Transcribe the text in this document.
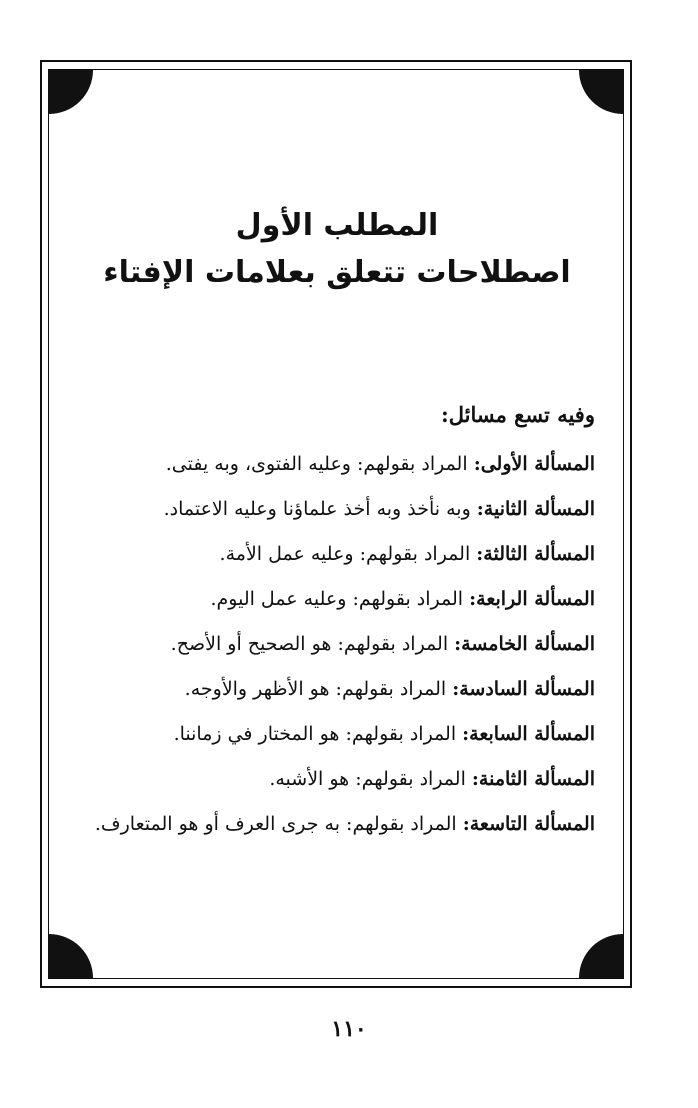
المطلب الأول
اصطلاحات تتعلق بعلامات الإفتاء
وفيه تسع مسائل:
المسألة الأولى: المراد بقولهم: وعليه الفتوى، وبه يفتى.
المسألة الثانية: وبه نأخذ وبه أخذ علماؤنا وعليه الاعتماد.
المسألة الثالثة: المراد بقولهم: وعليه عمل الأمة.
المسألة الرابعة: المراد بقولهم: وعليه عمل اليوم.
المسألة الخامسة: المراد بقولهم: هو الصحيح أو الأصح.
المسألة السادسة: المراد بقولهم: هو الأظهر والأوجه.
المسألة السابعة: المراد بقولهم: هو المختار في زماننا.
المسألة الثامنة: المراد بقولهم: هو الأشبه.
المسألة التاسعة: المراد بقولهم: به جرى العرف أو هو المتعارف.
١١٠
